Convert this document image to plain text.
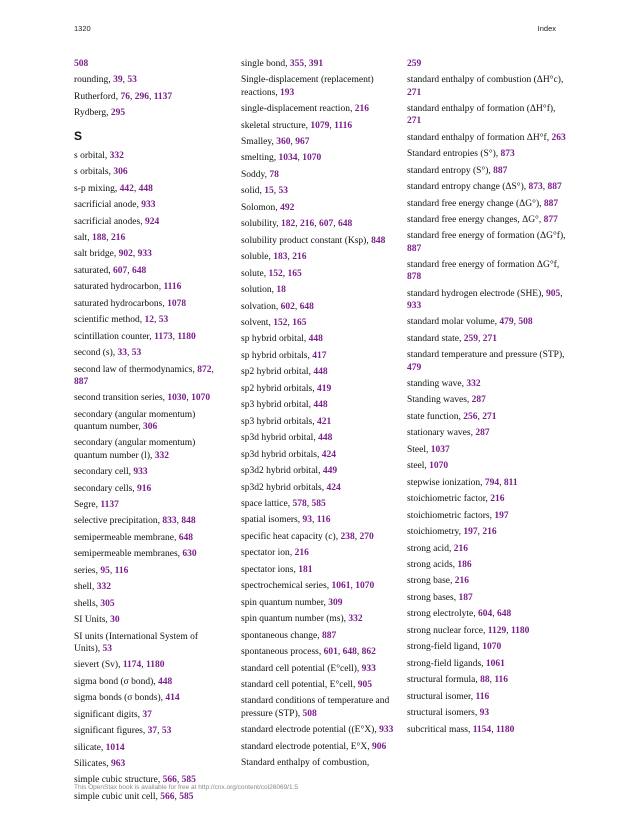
1320	Index
508
rounding, 39 , 53
Rutherford, 76 , 296 , 1137
Rydberg, 295
S
s orbital, 332
s orbitals, 306
s-p mixing, 442 , 448
sacrificial anode, 933
sacrificial anodes, 924
salt, 188 , 216
salt bridge, 902 , 933
saturated, 607 , 648
saturated hydrocarbon, 1116
saturated hydrocarbons, 1078
scientific method, 12 , 53
scintillation counter, 1173 , 1180
second (s), 33 , 53
second law of thermodynamics, 872, 887
second transition series, 1030 , 1070
secondary (angular momentum) quantum number, 306
secondary (angular momentum) quantum number (l), 332
secondary cell, 933
secondary cells, 916
Segre, 1137
selective precipitation, 833 , 848
semipermeable membrane, 648
semipermeable membranes, 630
series, 95 , 116
shell, 332
shells, 305
SI Units, 30
SI units (International System of Units), 53
sievert (Sv), 1174 , 1180
sigma bond (σ bond), 448
sigma bonds (σ bonds), 414
significant digits, 37
significant figures, 37 , 53
silicate, 1014
Silicates, 963
simple cubic structure, 566 , 585
simple cubic unit cell, 566 , 585
single bond, 355 , 391
Single-displacement (replacement) reactions, 193
single-displacement reaction, 216
skeletal structure, 1079 , 1116
Smalley, 360 , 967
smelting, 1034 , 1070
Soddy, 78
solid, 15 , 53
Solomon, 492
solubility, 182 , 216 , 607 , 648
solubility product constant (Ksp), 848
soluble, 183 , 216
solute, 152 , 165
solution, 18
solvation, 602 , 648
solvent, 152 , 165
sp hybrid orbital, 448
sp hybrid orbitals, 417
sp2 hybrid orbital, 448
sp2 hybrid orbitals, 419
sp3 hybrid orbital, 448
sp3 hybrid orbitals, 421
sp3d hybrid orbital, 448
sp3d hybrid orbitals, 424
sp3d2 hybrid orbital, 449
sp3d2 hybrid orbitals, 424
space lattice, 578 , 585
spatial isomers, 93 , 116
specific heat capacity (c), 238 , 270
spectator ion, 216
spectator ions, 181
spectrochemical series, 1061 , 1070
spin quantum number, 309
spin quantum number (ms), 332
spontaneous change, 887
spontaneous process, 601 , 648 , 862
standard cell potential (E°cell), 933
standard cell potential, E°cell, 905
standard conditions of temperature and pressure (STP), 508
standard electrode potential ((E°X), 933
standard electrode potential, E°X, 906
Standard enthalpy of combustion,
259
standard enthalpy of combustion (ΔH°c), 271
standard enthalpy of formation (ΔH°f), 271
standard enthalpy of formation ΔH°f, 263
Standard entropies (S°), 873
standard entropy (S°), 887
standard entropy change (ΔS°), 873 , 887
standard free energy change (ΔG°), 887
standard free energy changes, ΔG°, 877
standard free energy of formation (ΔG°f), 887
standard free energy of formation ΔG°f, 878
standard hydrogen electrode (SHE), 905, 933
standard molar volume, 479 , 508
standard state, 259 , 271
standard temperature and pressure (STP), 479
standing wave, 332
Standing waves, 287
state function, 256 , 271
stationary waves, 287
Steel, 1037
steel, 1070
stepwise ionization, 794 , 811
stoichiometric factor, 216
stoichiometric factors, 197
stoichiometry, 197 , 216
strong acid, 216
strong acids, 186
strong base, 216
strong bases, 187
strong electrolyte, 604 , 648
strong nuclear force, 1129 , 1180
strong-field ligand, 1070
strong-field ligands, 1061
structural formula, 88 , 116
structural isomer, 116
structural isomers, 93
subcritical mass, 1154 , 1180
This OpenStax book is available for free at http://cnx.org/content/col26069/1.5
